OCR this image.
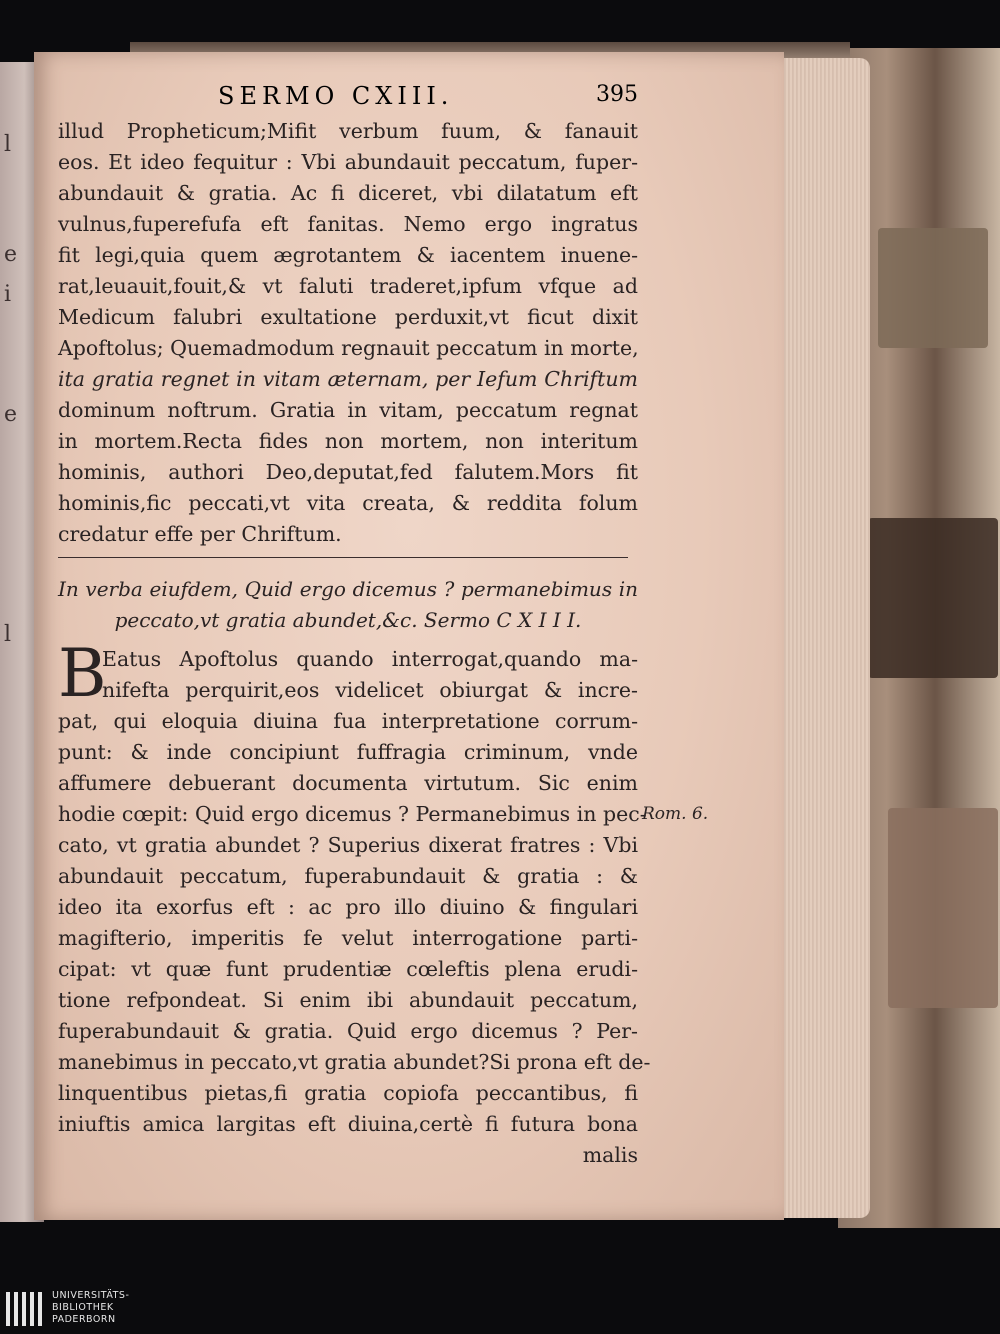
l
e
i
e
l
SERMO CXIII.	395
illud Propheticum;Mifit verbum fuum, & fanauit
eos. Et ideo fequitur : Vbi abundauit peccatum, fuper-
abundauit & gratia. Ac fi diceret, vbi dilatatum eft
vulnus,fuperefufa eft fanitas. Nemo ergo ingratus
fit legi,quia quem ægrotantem & iacentem inuene-
rat,leuauit,fouit,& vt faluti traderet,ipfum vfque ad
Medicum falubri exultatione perduxit,vt ficut dixit
Apoftolus; Quemadmodum regnauit peccatum in morte,
ita gratia regnet in vitam æternam, per Iefum Chriftum
dominum noftrum. Gratia in vitam, peccatum regnat
in mortem.Recta fides non mortem, non interitum
hominis, authori Deo,deputat,fed falutem.Mors fit
hominis,fic peccati,vt vita creata, & reddita folum
credatur effe per Chriftum.
In verba eiufdem, Quid ergo dicemus ? permanebimus in
peccato,vt gratia abundet,&c. Sermo C X I I I.
B
Eatus Apoftolus quando interrogat,quando ma-
nifefta perquirit,eos videlicet obiurgat & incre-
pat, qui eloquia diuina fua interpretatione corrum-
punt: & inde concipiunt fuffragia criminum, vnde
affumere debuerant documenta virtutum. Sic enim
hodie cœpit: Quid ergo dicemus ? Permanebimus in pec-
cato, vt gratia abundet ? Superius dixerat fratres : Vbi
abundauit peccatum, fuperabundauit & gratia : &
ideo ita exorfus eft : ac pro illo diuino & fingulari
magifterio, imperitis fe velut interrogatione parti-
cipat: vt quæ funt prudentiæ cœleftis plena erudi-
tione refpondeat. Si enim ibi abundauit peccatum,
fuperabundauit & gratia. Quid ergo dicemus ? Per-
manebimus in peccato,vt gratia abundet?Si prona eft de-
linquentibus pietas,fi gratia copiofa peccantibus, fi
iniuftis amica largitas eft diuina,certè fi futura bona
malis
Rom. 6.
UNIVERSITÄTS-
BIBLIOTHEK
PADERBORN
